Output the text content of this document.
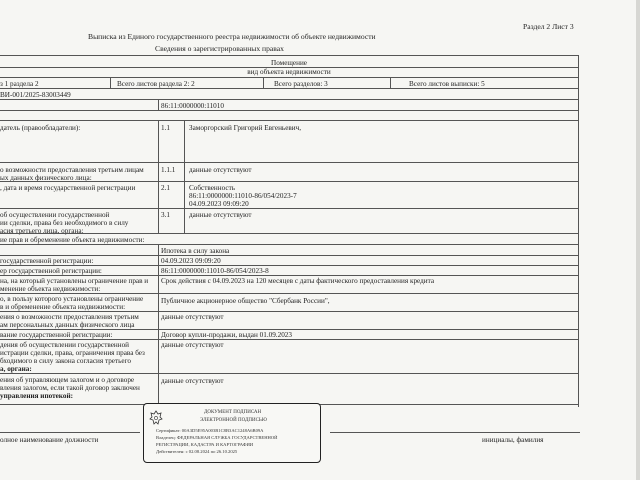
Раздел 2 Лист 3
Выписка из Единого государственного реестра недвижимости об объекте недвижимости
Сведения о зарегистрированных правах
Помещение
вид объекта недвижимости
з 1 раздела 2	Всего листов раздела 2: 2	Всего разделов: 3	Всего листов выписки: 5
ВИ-001/2025-83003449
86:11:0000000:11010
датель (правообладатели):	1.1	Заморгорский Григорий Евгеньевич,
о возможности предоставления третьим лицам
ых данных физического лица:
1.1.1 данные отсутствуют
, дата и время государственной регистрации	2.1	Собственность
86:11:0000000:11010-86/054/2023-7
04.09.2023 09:09:20
об осуществлении государственной
ии сделки, права без необходимого в силу
асия третьего лица, органа:
3.1	данные отсутствуют
ие прав и обременение объекта недвижимости:
Ипотека в силу закона
государственной регистрации:	04.09.2023 09:09:20
ер государственной регистрации:	86:11:0000000:11010-86/054/2023-8
на, на который установлены ограничение прав и
менение объекта недвижимости:
Срок действия с 04.09.2023 на 120 месяцев с даты фактического предоставления кредита
о, в пользу которого установлены ограничение
в и обременение объекта недвижимости:
Публичное акционерное общество "Сбербанк России",
ения о возможности предоставления третьим
ам персональных данных физического лица
данные отсутствуют
вание государственной регистрации:	Договор купли-продажи, выдан 01.09.2023
дения об осуществлении государственной
истрации сделки, права, ограничения права без
бходимого в силу закона согласия третьего
а, органа:
данные отсутствуют
ения об управляющем залогом и о договоре
вления залогом, если такой договор заключен
управления ипотекой:
данные отсутствуют
олное наименование должности	инициалы, фамилия
ДОКУМЕНТ ПОДПИСАН
ЭЛЕКТРОННОЙ ПОДПИСЬЮ
Сертификат: 00A3D5E95A003B1C8B3AC1248A6B09A
Владелец: ФЕДЕРАЛЬНАЯ СЛУЖБА ГОСУДАРСТВЕННОЙ
РЕГИСТРАЦИИ, КАДАСТРА И КАРТОГРАФИИ
Действителен: с 02.08.2024 по 26.10.2025
